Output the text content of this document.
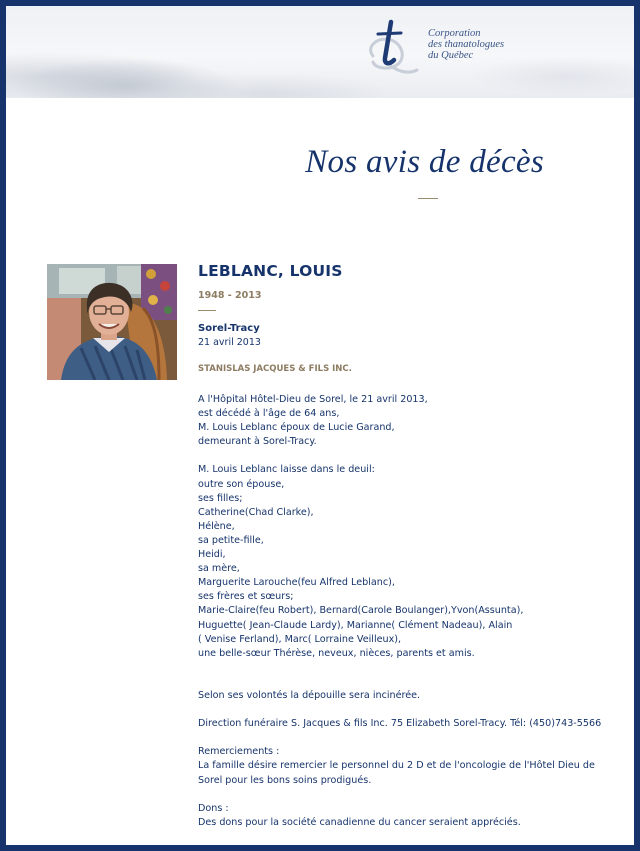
Corporation
des thanatologues
du Québec
Nos avis de décès
LEBLANC, LOUIS
1948 - 2013
Sorel-Tracy
21 avril 2013
STANISLAS JACQUES & FILS INC.
A l'Hôpital Hôtel-Dieu de Sorel, le 21 avril 2013,
est décédé à l'âge de 64 ans,
M. Louis Leblanc époux de Lucie Garand,
demeurant à Sorel-Tracy.
M. Louis Leblanc laisse dans le deuil:
outre son épouse,
ses filles;
Catherine(Chad Clarke),
Hélène,
sa petite-fille,
Heidi,
sa mère,
Marguerite Larouche(feu Alfred Leblanc),
ses frères et sœurs;
Marie-Claire(feu Robert), Bernard(Carole Boulanger),Yvon(Assunta),
Huguette( Jean-Claude Lardy), Marianne( Clément Nadeau), Alain
( Venise Ferland), Marc( Lorraine Veilleux),
une belle-sœur Thérèse, neveux, nièces, parents et amis.
Selon ses volontés la dépouille sera incinérée.
Direction funéraire S. Jacques & fils Inc. 75 Elizabeth Sorel-Tracy. Tél: (450)743-5566
Remerciements :
La famille désire remercier le personnel du 2 D et de l'oncologie de l'Hôtel Dieu de
Sorel pour les bons soins prodigués.
Dons :
Des dons pour la société canadienne du cancer seraient appréciés.
